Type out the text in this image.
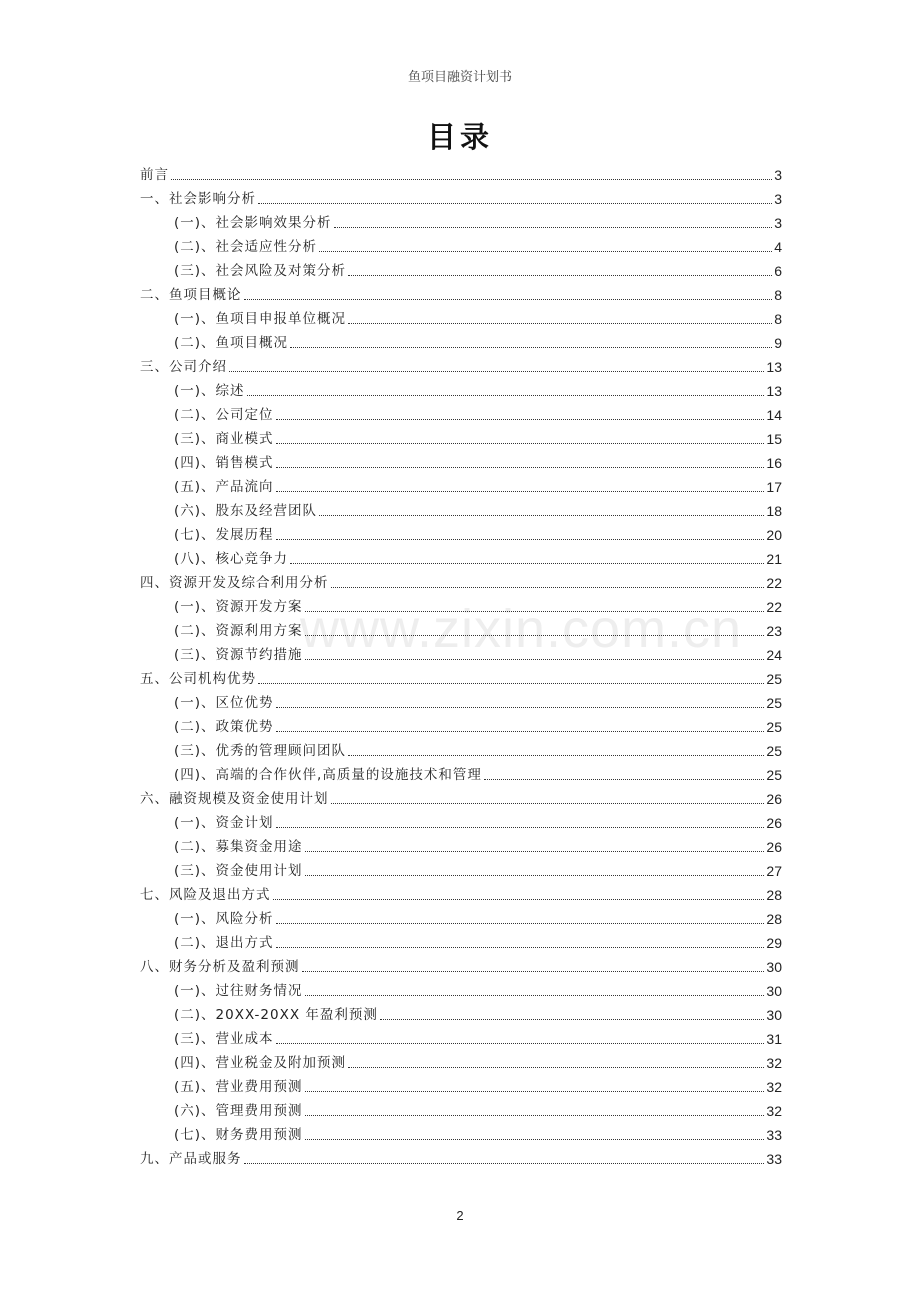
鱼项目融资计划书
目录
www.zixin.com.cn
前言	3
一、社会影响分析	3
(一)、社会影响效果分析	3
(二)、社会适应性分析	4
(三)、社会风险及对策分析	6
二、鱼项目概论	8
(一)、鱼项目申报单位概况	8
(二)、鱼项目概况	9
三、公司介绍	13
(一)、综述	13
(二)、公司定位	14
(三)、商业模式	15
(四)、销售模式	16
(五)、产品流向	17
(六)、股东及经营团队	18
(七)、发展历程	20
(八)、核心竞争力	21
四、资源开发及综合利用分析	22
(一)、资源开发方案	22
(二)、资源利用方案	23
(三)、资源节约措施	24
五、公司机构优势	25
(一)、区位优势	25
(二)、政策优势	25
(三)、优秀的管理顾问团队	25
(四)、高端的合作伙伴,高质量的设施技术和管理	25
六、融资规模及资金使用计划	26
(一)、资金计划	26
(二)、募集资金用途	26
(三)、资金使用计划	27
七、风险及退出方式	28
(一)、风险分析	28
(二)、退出方式	29
八、财务分析及盈利预测	30
(一)、过往财务情况	30
(二)、20XX-20XX 年盈利预测	30
(三)、营业成本	31
(四)、营业税金及附加预测	32
(五)、营业费用预测	32
(六)、管理费用预测	32
(七)、财务费用预测	33
九、产品或服务	33
2
